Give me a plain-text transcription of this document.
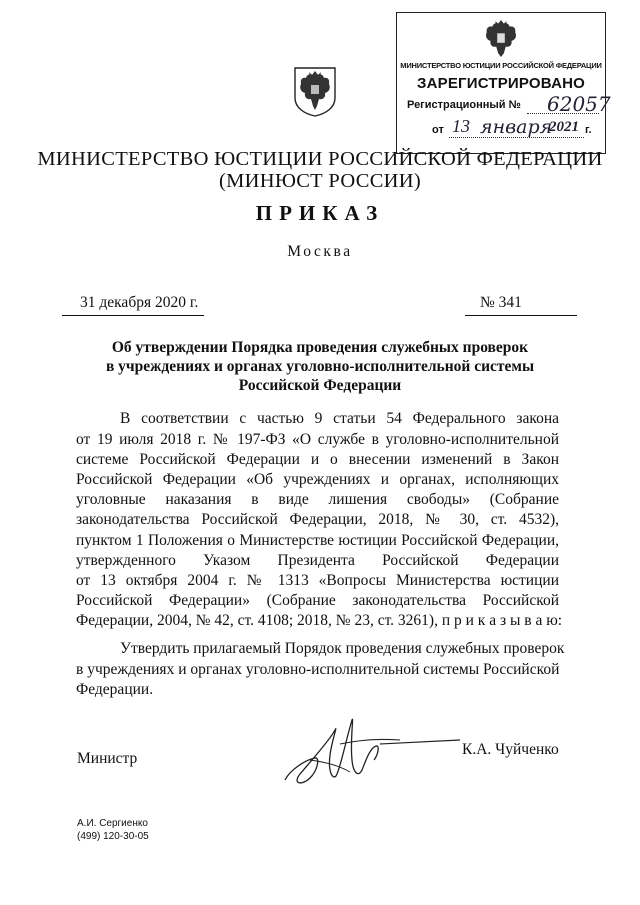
МИНИСТЕРСТВО ЮСТИЦИИ РОССИЙСКОЙ ФЕДЕРАЦИИ
ЗАРЕГИСТРИРОВАНО
Регистрационный № 62057
от 13 января
2021 г.
МИНИСТЕРСТВО ЮСТИЦИИ РОССИЙСКОЙ ФЕДЕРАЦИИ
(МИНЮСТ РОССИИ)
ПРИКАЗ
Москва
31 декабря 2020 г.	№ 341
Об утверждении Порядка проведения служебных проверок
в учреждениях и органах уголовно-исполнительной системы
Российской Федерации
В соответствии с частью 9 статьи 54 Федерального закона
от 19 июля 2018 г. № 197-ФЗ «О службе в уголовно-исполнительной
системе Российской Федерации и о внесении изменений в Закон
Российской Федерации «Об учреждениях и органах, исполняющих
уголовные наказания в виде лишения свободы» (Собрание
законодательства Российской Федерации, 2018, № 30, ст. 4532),
пунктом 1 Положения о Министерстве юстиции Российской Федерации,
утвержденного Указом Президента Российской Федерации
от 13 октября 2004 г. № 1313 «Вопросы Министерства юстиции
Российской Федерации» (Собрание законодательства Российской
Федерации, 2004, № 42, ст. 4108; 2018, № 23, ст. 3261), п р и к а з ы в а ю:
Утвердить прилагаемый Порядок проведения служебных проверок
в учреждениях и органах уголовно-исполнительной системы Российской
Федерации.
Министр
К.А. Чуйченко
А.И. Сергиенко
(499) 120-30-05
